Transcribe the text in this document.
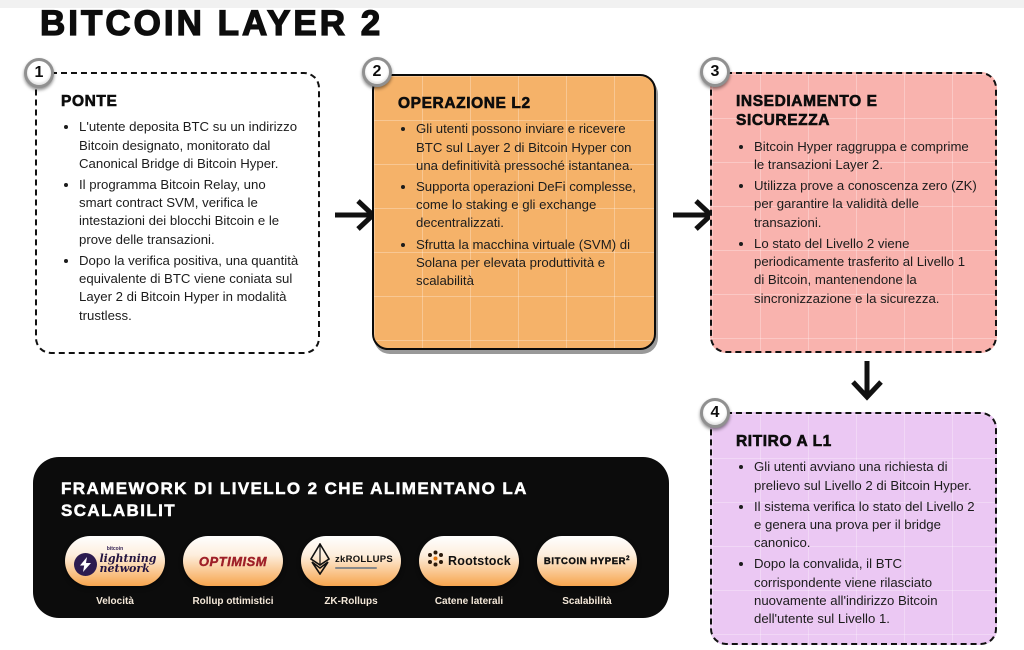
BITCOIN LAYER 2
1
PONTE
• L'utente deposita BTC su un indirizzo Bitcoin designato, monitorato dal Canonical Bridge di Bitcoin Hyper.
• Il programma Bitcoin Relay, uno smart contract SVM, verifica le intestazioni dei blocchi Bitcoin e le prove delle transazioni.
• Dopo la verifica positiva, una quantità equivalente di BTC viene coniata sul Layer 2 di Bitcoin Hyper in modalità trustless.
2
OPERAZIONE L2
• Gli utenti possono inviare e ricevere BTC sul Layer 2 di Bitcoin Hyper con una definitività pressoché istantanea.
• Supporta operazioni DeFi complesse, come lo staking e gli exchange decentralizzati.
• Sfrutta la macchina virtuale (SVM) di Solana per elevata produttività e scalabilità
3
INSEDIAMENTO E SICUREZZA
• Bitcoin Hyper raggruppa e comprime le transazioni Layer 2.
• Utilizza prove a conoscenza zero (ZK) per garantire la validità delle transazioni.
• Lo stato del Livello 2 viene periodicamente trasferito al Livello 1 di Bitcoin, mantenendone la sincronizzazione e la sicurezza.
4
RITIRO A L1
• Gli utenti avviano una richiesta di prelievo sul Livello 2 di Bitcoin Hyper.
• Il sistema verifica lo stato del Livello 2 e genera una prova per il bridge canonico.
• Dopo la convalida, il BTC corrispondente viene rilasciato nuovamente all'indirizzo Bitcoin dell'utente sul Livello 1.
FRAMEWORK DI LIVELLO 2 CHE ALIMENTANO LA SCALABILIT
bitcoin
lightning
network
Velocità
OPTIMISM
Rollup ottimistici
zkROLLUPS
ZK-Rollups
Rootstock
Catene laterali
BITCOIN HYPER$^2$
Scalabilità
